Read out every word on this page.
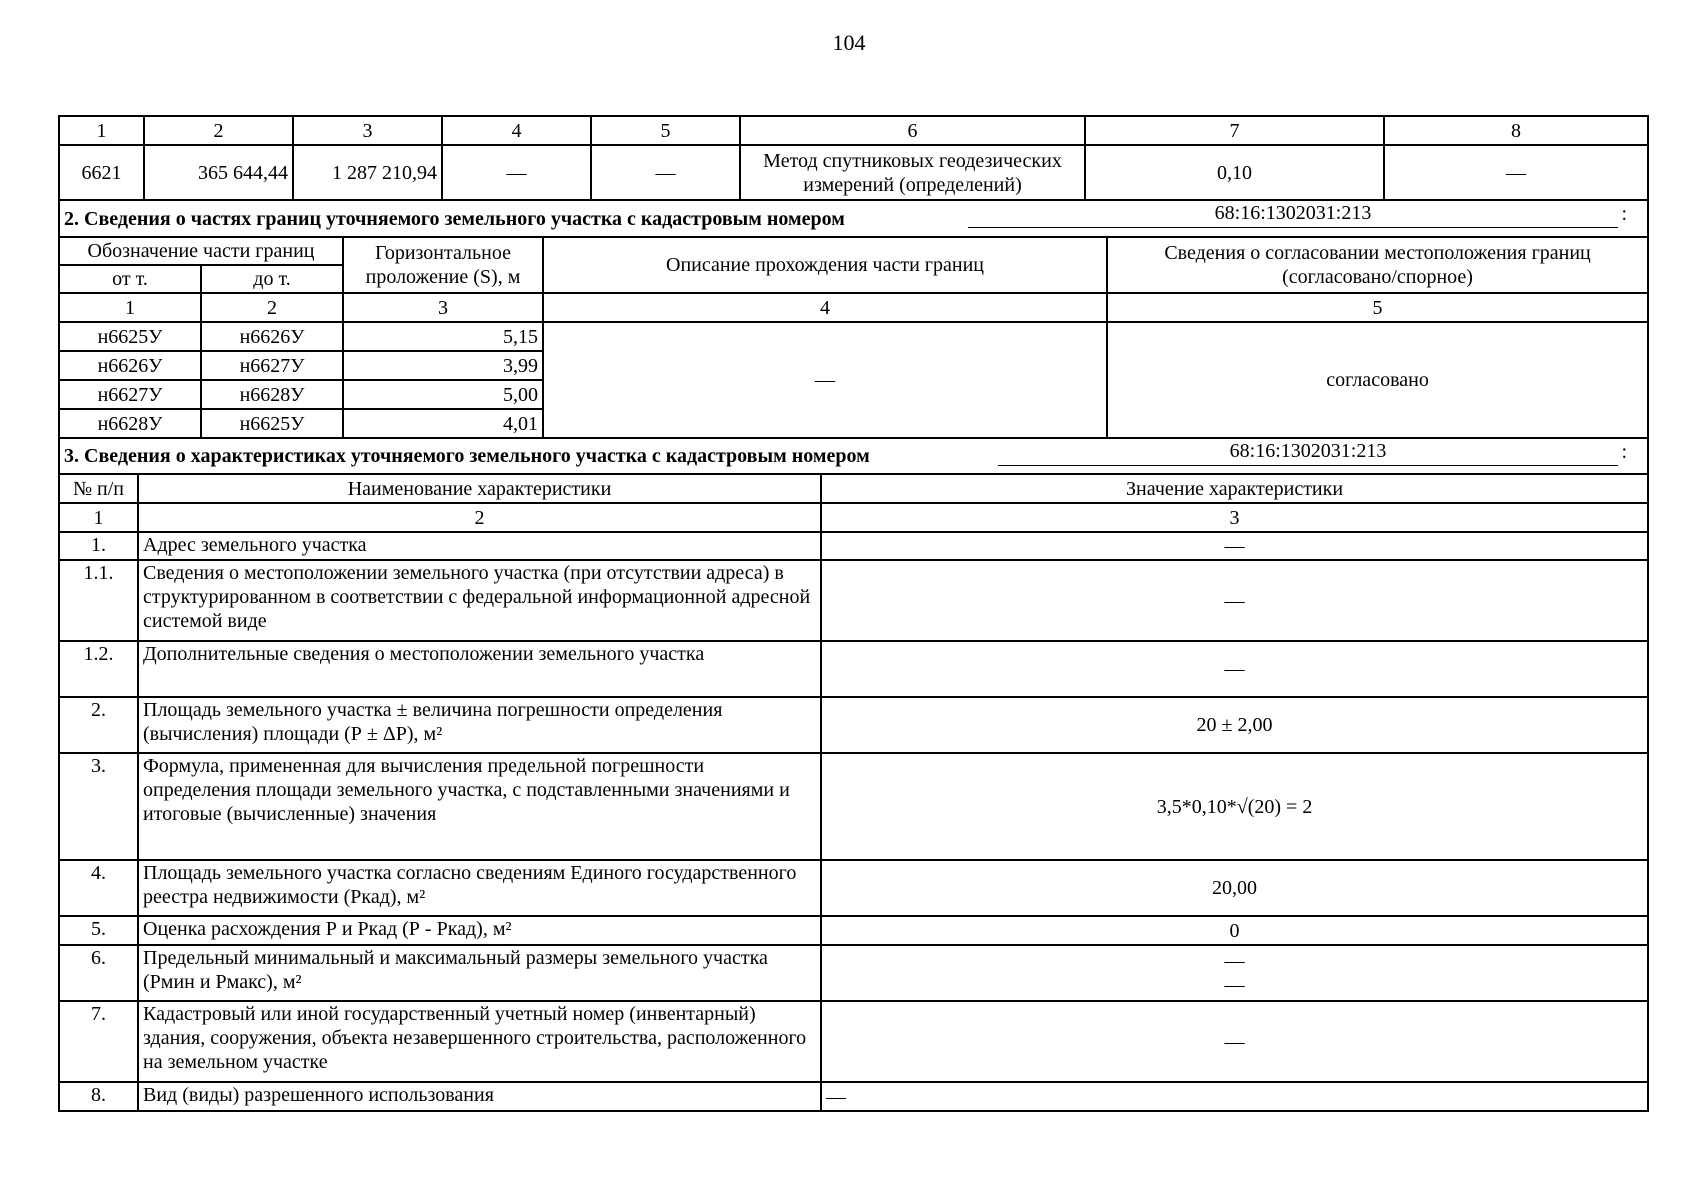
104
1	2	3	4	5	6	7	8
6621	365 644,44	1 287 210,94	—	—	Метод спутниковых геодезических измерений (определений)	0,10	—
2. Сведения о частях границ уточняемого земельного участка с кадастровым номером 68:16:1302031:213 :						

Обозначение части границ			Горизонтальное проложение (S), м	Описание прохождения части границ		Сведения о согласовании местоположения границ (согласовано/спорное)
от т.		до т.				
1		2	3	4		5
н6625У		н6626У	5,15	—		согласовано
н6626У		н6627У	3,99			
н6627У		н6628У	5,00			
н6628У		н6625У	4,01			
3. Сведения о характеристиках уточняемого земельного участка с кадастровым номером 68:16:1302031:213 :						

№ п/п	Наименование характеристики				Значение характеристики	
1	2				3	
1.	Адрес земельного участка				—	
1.1.	Сведения о местоположении земельного участка (при отсутствии адреса) в структурированном в соответствии с федеральной информационной адресной системой виде				—	
1.2.	Дополнительные сведения о местоположении земельного участка				—	
2.	Площадь земельного участка ± величина погрешности определения (вычисления) площади (Р ± ΔР), м²				20 ± 2,00	
3.	Формула, примененная для вычисления предельной погрешности определения площади земельного участка, с подставленными значениями и итоговые (вычисленные) значения				3,5*0,10*√(20) = 2	
4.	Площадь земельного участка согласно сведениям Единого государственного реестра недвижимости (Ркад), м²				20,00	
5.	Оценка расхождения Р и Ркад (Р - Ркад), м²				0	
6.	Предельный минимальный и максимальный размеры земельного участка (Рмин и Рмакс), м²				—
—	

7.	Кадастровый или иной государственный учетный номер (инвентарный) здания, сооружения, объекта незавершенного строительства, расположенного на земельном участке				—	
8.	Вид (виды) разрешенного использования				—	
